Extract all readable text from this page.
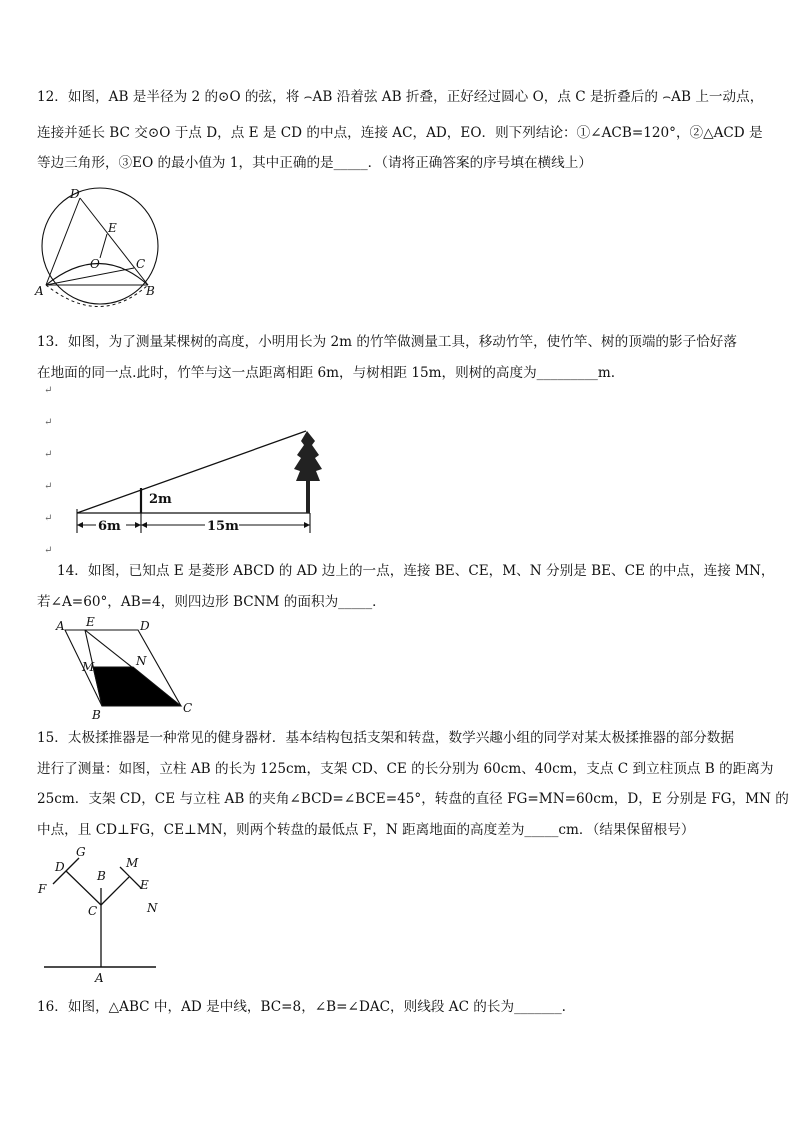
12．如图，AB 是半径为 2 的⊙O 的弦，将 ⌢AB 沿着弦 AB 折叠，正好经过圆心 O，点 C 是折叠后的 ⌢AB 上一动点，
连接并延长 BC 交⊙O 于点 D，点 E 是 CD 的中点，连接 AC，AD，EO．则下列结论：①∠ACB=120°，②△ACD 是
等边三角形，③EO 的最小值为 1，其中正确的是_____．（请将正确答案的序号填在横线上）
D
E
O	C
A	B
13．如图，为了测量某棵树的高度，小明用长为 2m 的竹竿做测量工具，移动竹竿，使竹竿、树的顶端的影子恰好落
在地面的同一点.此时，竹竿与这一点距离相距 6m，与树相距 15m，则树的高度为_________m.
↵
↵
↵
↵
↵
↵
2m
6m	15m
14．如图，已知点 E 是菱形 ABCD 的 AD 边上的一点，连接 BE、CE，M、N 分别是 BE、CE 的中点，连接 MN，
若∠A=60°，AB=4，则四边形 BCNM 的面积为_____．
A E	D
M	N
B	C
15．太极揉推器是一种常见的健身器材．基本结构包括支架和转盘，数学兴趣小组的同学对某太极揉推器的部分数据
进行了测量：如图，立柱 AB 的长为 125cm，支架 CD、CE 的长分别为 60cm、40cm，支点 C 到立柱顶点 B 的距离为
25cm．支架 CD，CE 与立柱 AB 的夹角∠BCD=∠BCE=45°，转盘的直径 FG=MN=60cm，D，E 分别是 FG，MN 的
中点，且 CD⊥FG，CE⊥MN，则两个转盘的最低点 F，N 距离地面的高度差为_____cm．（结果保留根号）
D
G
F
B
C
M
E
N
A
16．如图，△ABC 中，AD 是中线，BC=8，∠B=∠DAC，则线段 AC 的长为_______.
